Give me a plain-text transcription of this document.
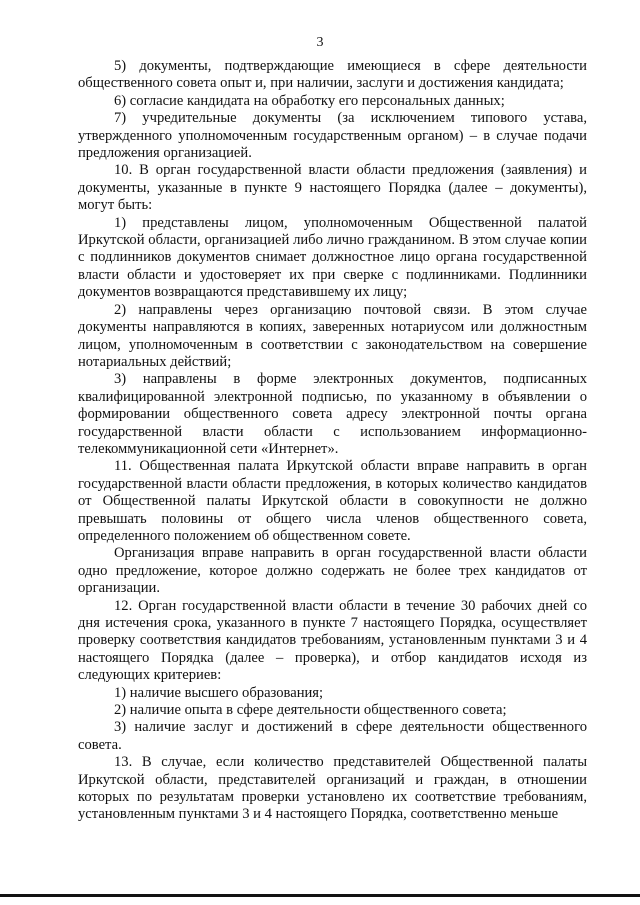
3

5) документы, подтверждающие имеющиеся в сфере деятельности общественного совета опыт и, при наличии, заслуги и достижения кандидата;

6) согласие кандидата на обработку его персональных данных;

7) учредительные документы (за исключением типового устава, утвержденного уполномоченным государственным органом) – в случае подачи предложения организацией.

10. В орган государственной власти области предложения (заявления) и документы, указанные в пункте 9 настоящего Порядка (далее – документы), могут быть:

1) представлены лицом, уполномоченным Общественной палатой Иркутской области, организацией либо лично гражданином. В этом случае копии с подлинников документов снимает должностное лицо органа государственной власти области и удостоверяет их при сверке с подлинниками. Подлинники документов возвращаются представившему их лицу;

2) направлены через организацию почтовой связи. В этом случае документы направляются в копиях, заверенных нотариусом или должностным лицом, уполномоченным в соответствии с законодательством на совершение нотариальных действий;

3) направлены в форме электронных документов, подписанных квалифицированной электронной подписью, по указанному в объявлении о формировании общественного совета адресу электронной почты органа государственной власти области с использованием информационно-телекоммуникационной сети «Интернет».

11. Общественная палата Иркутской области вправе направить в орган государственной власти области предложения, в которых количество кандидатов от Общественной палаты Иркутской области в совокупности не должно превышать половины от общего числа членов общественного совета, определенного положением об общественном совете.

Организация вправе направить в орган государственной власти области одно предложение, которое должно содержать не более трех кандидатов от организации.

12. Орган государственной власти области в течение 30 рабочих дней со дня истечения срока, указанного в пункте 7 настоящего Порядка, осуществляет проверку соответствия кандидатов требованиям, установленным пунктами 3 и 4 настоящего Порядка (далее – проверка), и отбор кандидатов исходя из следующих критериев:

1) наличие высшего образования;

2) наличие опыта в сфере деятельности общественного совета;

3) наличие заслуг и достижений в сфере деятельности общественного совета.

13. В случае, если количество представителей Общественной палаты Иркутской области, представителей организаций и граждан, в отношении которых по результатам проверки установлено их соответствие требованиям, установленным пунктами 3 и 4 настоящего Порядка, соответственно меньше
